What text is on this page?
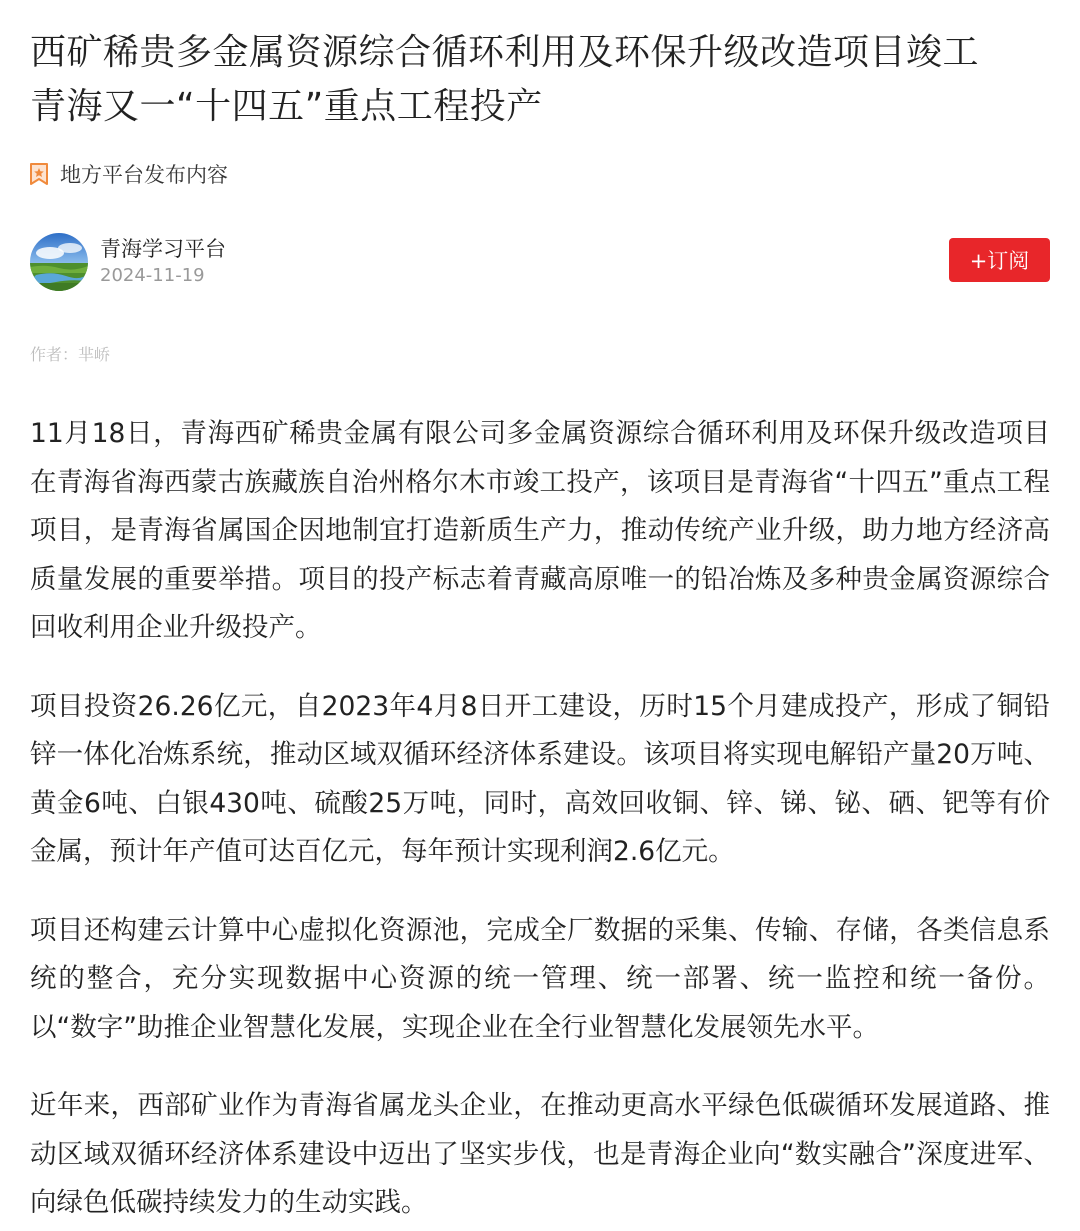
西矿稀贵多金属资源综合循环利用及环保升级改造项目竣工
青海又一“十四五”重点工程投产
地方平台发布内容
青海学习平台
2024-11-19
+订阅
作者：芈峤

11月18日，青海西矿稀贵金属有限公司多金属资源综合循环利用及环保升级改造项目在青海省海西蒙古族藏族自治州格尔木市竣工投产，该项目是青海省“十四五”重点工程项目，是青海省属国企因地制宜打造新质生产力，推动传统产业升级，助力地方经济高质量发展的重要举措。项目的投产标志着青藏高原唯一的铅冶炼及多种贵金属资源综合回收利用企业升级投产。

项目投资26.26亿元，自2023年4月8日开工建设，历时15个月建成投产，形成了铜铅锌一体化冶炼系统，推动区域双循环经济体系建设。该项目将实现电解铅产量20万吨、黄金6吨、白银430吨、硫酸25万吨，同时，高效回收铜、锌、锑、铋、硒、钯等有价金属，预计年产值可达百亿元，每年预计实现利润2.6亿元。

项目还构建云计算中心虚拟化资源池，完成全厂数据的采集、传输、存储，各类信息系统的整合，充分实现数据中心资源的统一管理、统一部署、统一监控和统一备份。以“数字”助推企业智慧化发展，实现企业在全行业智慧化发展领先水平。

近年来，西部矿业作为青海省属龙头企业，在推动更高水平绿色低碳循环发展道路、推动区域双循环经济体系建设中迈出了坚实步伐，也是青海企业向“数实融合”深度进军、向绿色低碳持续发力的生动实践。
